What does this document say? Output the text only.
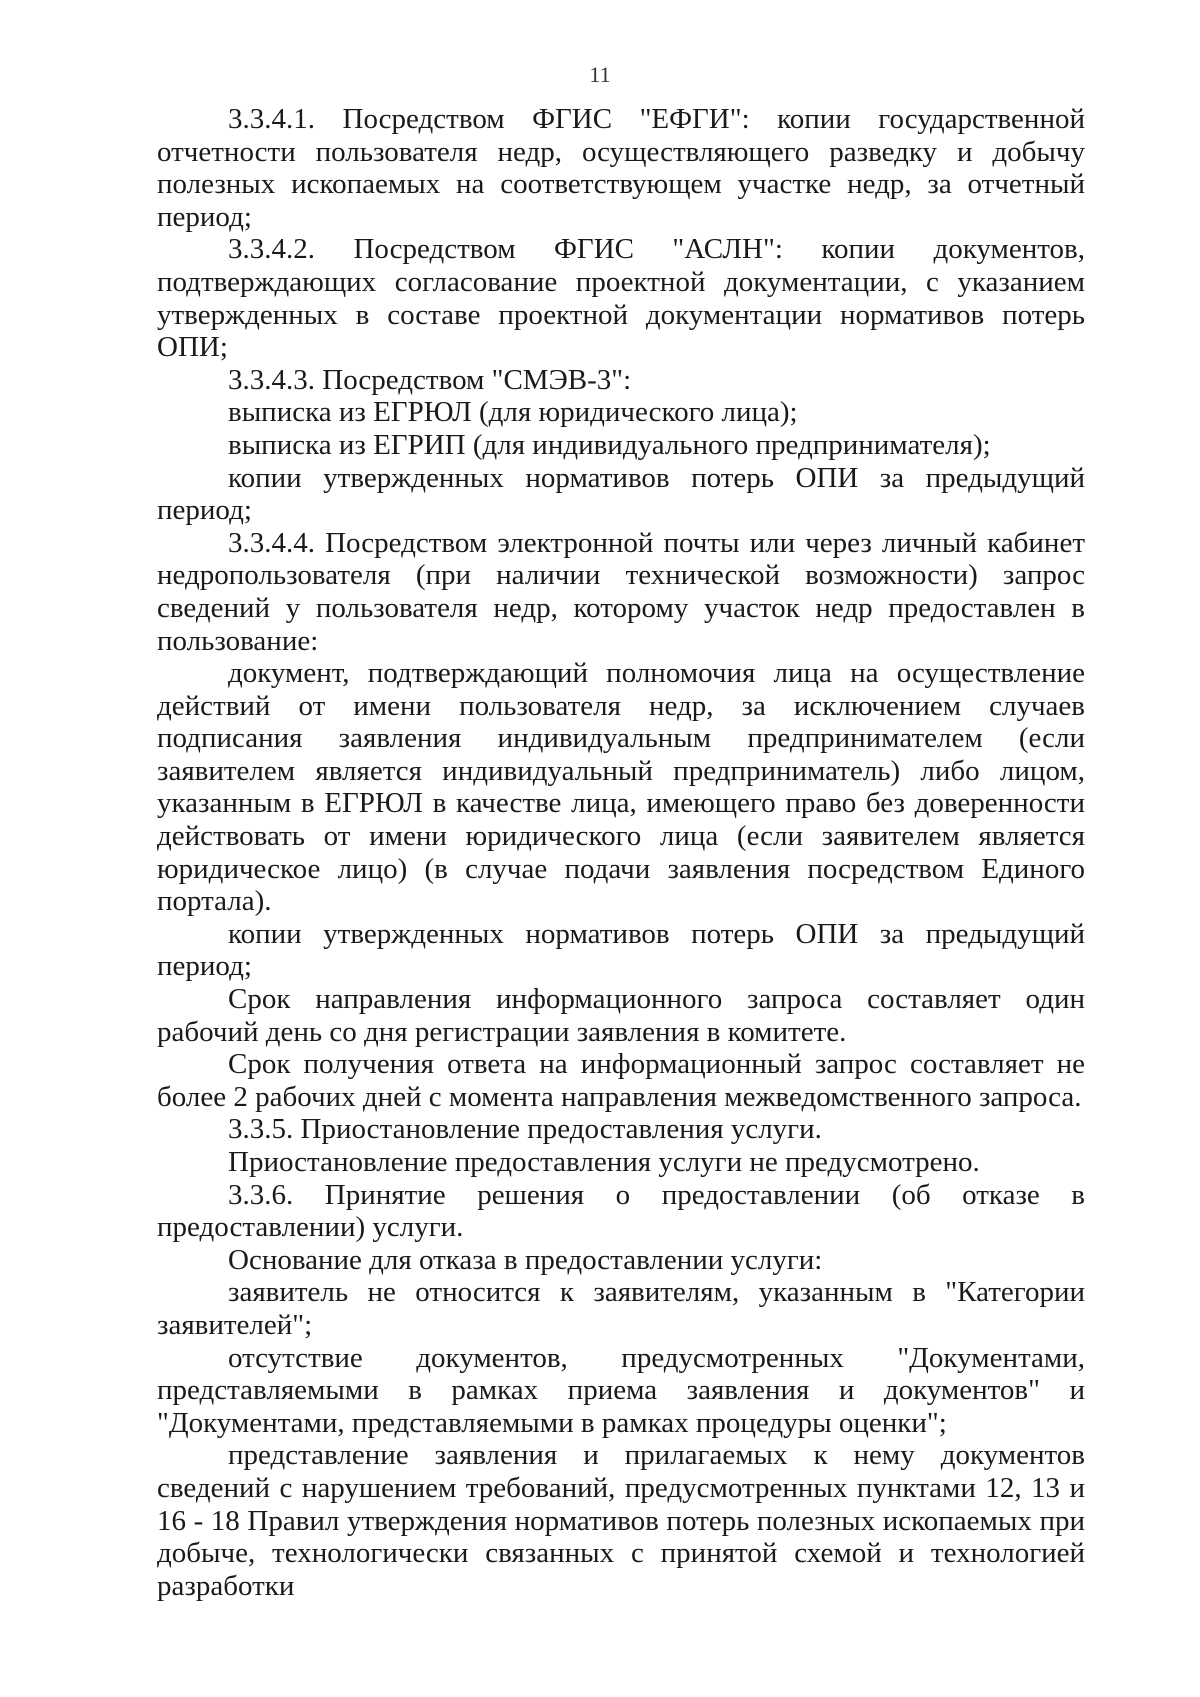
11

3.3.4.1. Посредством ФГИС "ЕФГИ": копии государственной отчетности пользователя недр, осуществляющего разведку и добычу полезных ископаемых на соответствующем участке недр, за отчетный период;

3.3.4.2. Посредством ФГИС "АСЛН": копии документов, подтверждающих согласование проектной документации, с указанием утвержденных в составе проектной документации нормативов потерь ОПИ;

3.3.4.3. Посредством "СМЭВ-3":

выписка из ЕГРЮЛ (для юридического лица);

выписка из ЕГРИП (для индивидуального предпринимателя);

копии утвержденных нормативов потерь ОПИ за предыдущий период;

3.3.4.4. Посредством электронной почты или через личный кабинет недропользователя (при наличии технической возможности) запрос сведений у пользователя недр, которому участок недр предоставлен в пользование:

документ, подтверждающий полномочия лица на осуществление действий от имени пользователя недр, за исключением случаев подписания заявления индивидуальным предпринимателем (если заявителем является индивидуальный предприниматель) либо лицом, указанным в ЕГРЮЛ в качестве лица, имеющего право без доверенности действовать от имени юридического лица (если заявителем является юридическое лицо) (в случае подачи заявления посредством Единого портала).

копии утвержденных нормативов потерь ОПИ за предыдущий период;

Срок направления информационного запроса составляет один рабочий день со дня регистрации заявления в комитете.

Срок получения ответа на информационный запрос составляет не более 2 рабочих дней с момента направления межведомственного запроса.

3.3.5. Приостановление предоставления услуги.

Приостановление предоставления услуги не предусмотрено.

3.3.6. Принятие решения о предоставлении (об отказе в предоставлении) услуги.

Основание для отказа в предоставлении услуги:

заявитель не относится к заявителям, указанным в "Категории заявителей";

отсутствие документов, предусмотренных "Документами, представляемыми в рамках приема заявления и документов" и "Документами, представляемыми в рамках процедуры оценки";

представление заявления и прилагаемых к нему документов сведений с нарушением требований, предусмотренных пунктами 12, 13 и 16 - 18 Правил утверждения нормативов потерь полезных ископаемых при добыче, технологически связанных с принятой схемой и технологией разработки
